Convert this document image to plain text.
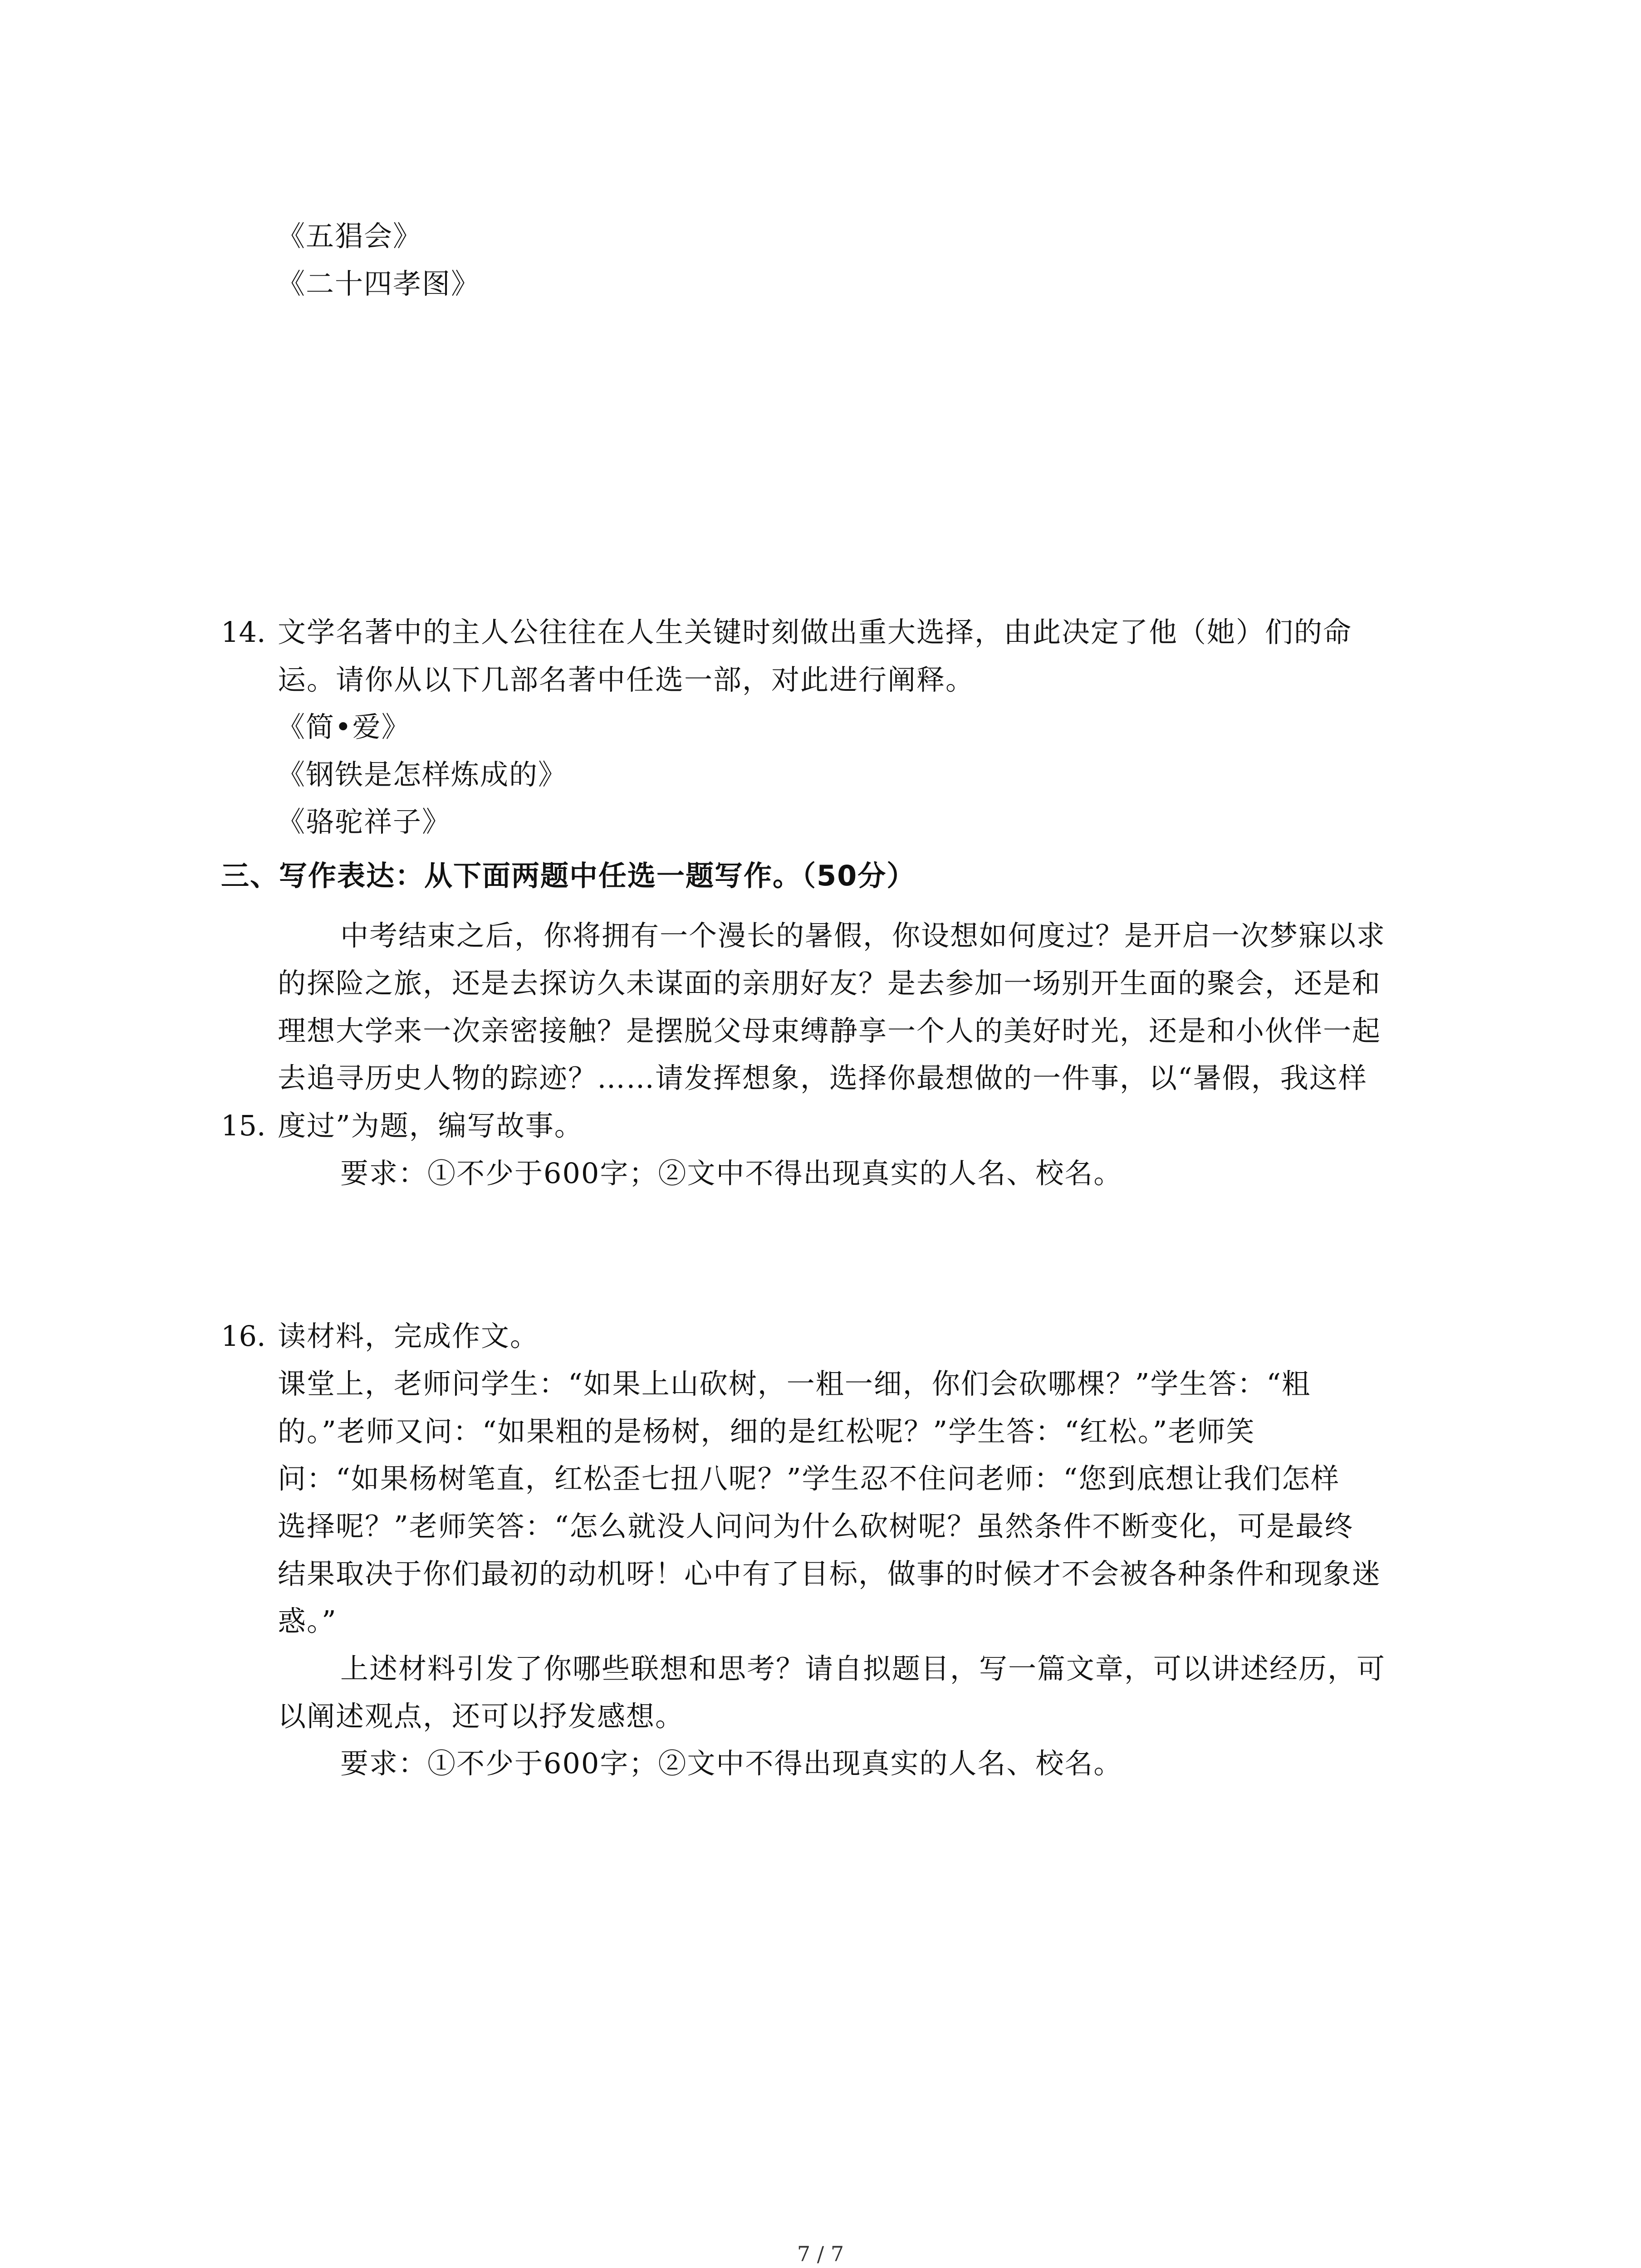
《五猖会》
《二十四孝图》
14. 文学名著中的主人公往往在人生关键时刻做出重大选择，由此决定了他（她）们的命
运。请你从以下几部名著中任选一部，对此进行阐释。
《简•爱》
《钢铁是怎样炼成的》
《骆驼祥子》
三、写作表达：从下面两题中任选一题写作。（50分）
中考结束之后，你将拥有一个漫长的暑假，你设想如何度过？是开启一次梦寐以求
的探险之旅，还是去探访久未谋面的亲朋好友？是去参加一场别开生面的聚会，还是和
理想大学来一次亲密接触？是摆脱父母束缚静享一个人的美好时光，还是和小伙伴一起
去追寻历史人物的踪迹？……请发挥想象，选择你最想做的一件事，以“暑假，我这样
15. 度过”为题，编写故事。
要求：①不少于600字；②文中不得出现真实的人名、校名。
16. 读材料，完成作文。
课堂上，老师问学生：“如果上山砍树，一粗一细，你们会砍哪棵？”学生答：“粗
的。”老师又问：“如果粗的是杨树，细的是红松呢？”学生答：“红松。”老师笑
问：“如果杨树笔直，红松歪七扭八呢？”学生忍不住问老师：“您到底想让我们怎样
选择呢？”老师笑答：“怎么就没人问问为什么砍树呢？虽然条件不断变化，可是最终
结果取决于你们最初的动机呀！心中有了目标，做事的时候才不会被各种条件和现象迷
惑。”
上述材料引发了你哪些联想和思考？请自拟题目，写一篇文章，可以讲述经历，可
以阐述观点，还可以抒发感想。
要求：①不少于600字；②文中不得出现真实的人名、校名。
7 / 7
